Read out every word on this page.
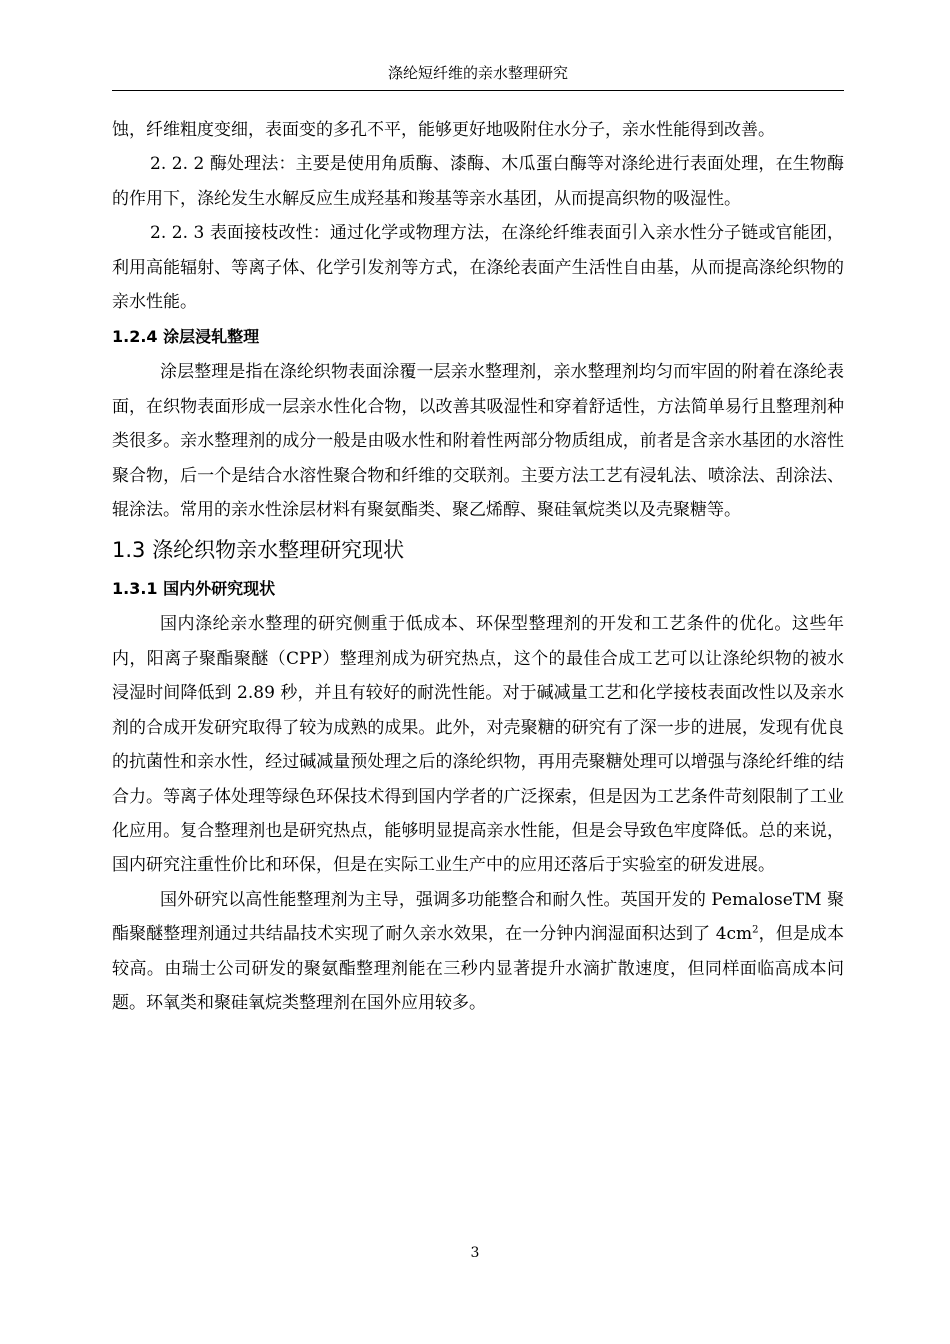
涤纶短纤维的亲水整理研究

蚀，纤维粗度变细，表面变的多孔不平，能够更好地吸附住水分子，亲水性能得到改善。

2. 2. 2 酶处理法：主要是使用角质酶、漆酶、木瓜蛋白酶等对涤纶进行表面处理，在生物酶的作用下，涤纶发生水解反应生成羟基和羧基等亲水基团，从而提高织物的吸湿性。

2. 2. 3 表面接枝改性：通过化学或物理方法，在涤纶纤维表面引入亲水性分子链或官能团，利用高能辐射、等离子体、化学引发剂等方式，在涤纶表面产生活性自由基，从而提高涤纶织物的亲水性能。

1.2.4 涂层浸轧整理

涂层整理是指在涤纶织物表面涂覆一层亲水整理剂，亲水整理剂均匀而牢固的附着在涤纶表面，在织物表面形成一层亲水性化合物，以改善其吸湿性和穿着舒适性，方法简单易行且整理剂种类很多。亲水整理剂的成分一般是由吸水性和附着性两部分物质组成，前者是含亲水基团的水溶性聚合物，后一个是结合水溶性聚合物和纤维的交联剂。主要方法工艺有浸轧法、喷涂法、刮涂法、辊涂法。常用的亲水性涂层材料有聚氨酯类、聚乙烯醇、聚硅氧烷类以及壳聚糖等。

1.3 涤纶织物亲水整理研究现状

1.3.1 国内外研究现状

国内涤纶亲水整理的研究侧重于低成本、环保型整理剂的开发和工艺条件的优化。这些年内，阳离子聚酯聚醚（CPP）整理剂成为研究热点，这个的最佳合成工艺可以让涤纶织物的被水浸湿时间降低到 2.89 秒，并且有较好的耐洗性能。对于碱减量工艺和化学接枝表面改性以及亲水剂的合成开发研究取得了较为成熟的成果。此外，对壳聚糖的研究有了深一步的进展，发现有优良的抗菌性和亲水性，经过碱减量预处理之后的涤纶织物，再用壳聚糖处理可以增强与涤纶纤维的结合力。等离子体处理等绿色环保技术得到国内学者的广泛探索，但是因为工艺条件苛刻限制了工业化应用。复合整理剂也是研究热点，能够明显提高亲水性能，但是会导致色牢度降低。总的来说，国内研究注重性价比和环保，但是在实际工业生产中的应用还落后于实验室的研发进展。

国外研究以高性能整理剂为主导，强调多功能整合和耐久性。英国开发的 PemaloseTM 聚酯聚醚整理剂通过共结晶技术实现了耐久亲水效果，在一分钟内润湿面积达到了 $4cm^2$，但是成本较高。由瑞士公司研发的聚氨酯整理剂能在三秒内显著提升水滴扩散速度，但同样面临高成本问题。环氧类和聚硅氧烷类整理剂在国外应用较多。

3
